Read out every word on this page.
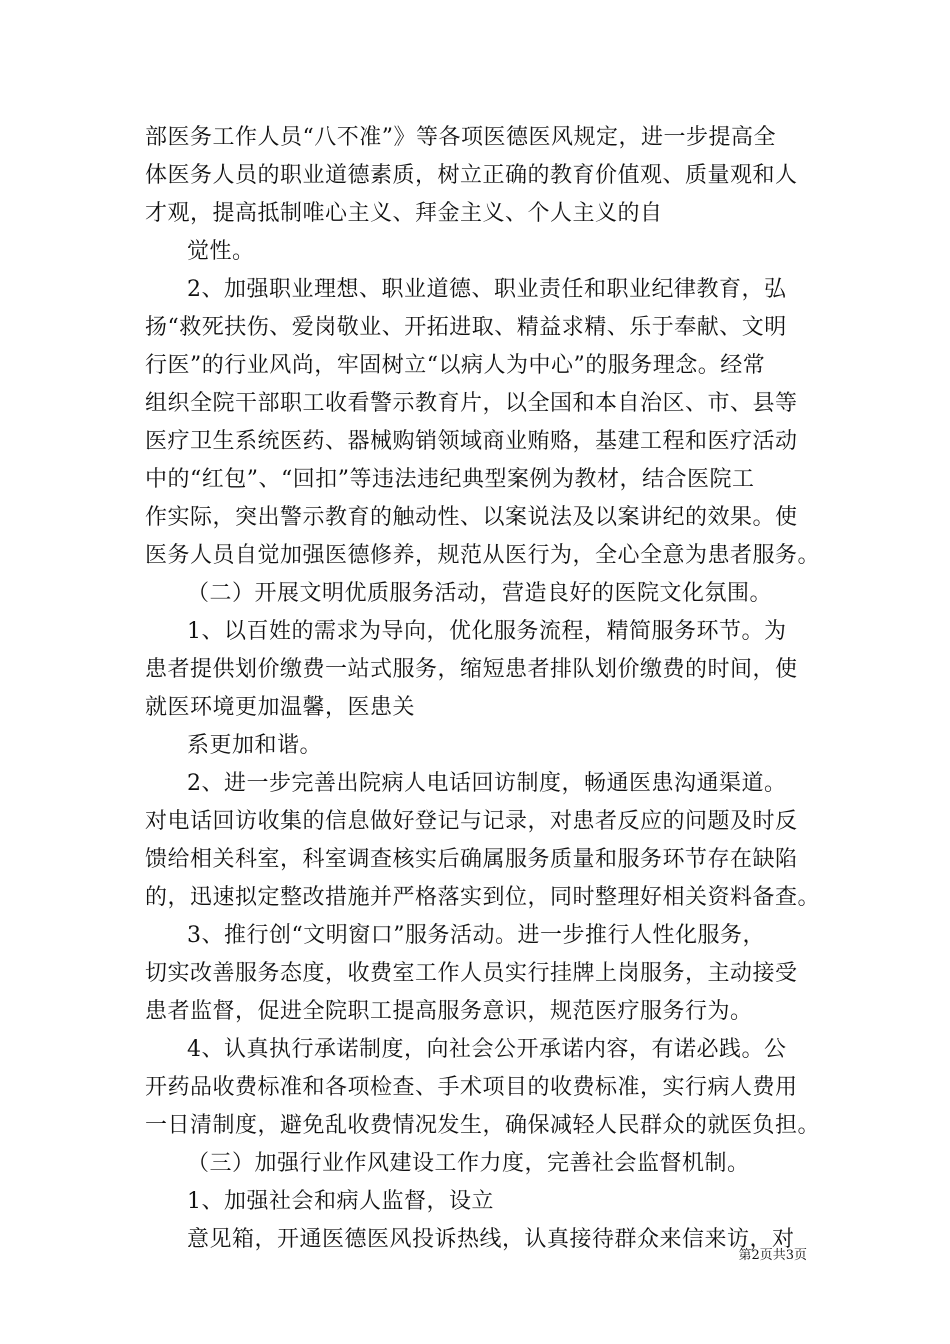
部医务工作人员“八不准”》等各项医德医风规定，进一步提高全
体医务人员的职业道德素质，树立正确的教育价值观、质量观和人
才观，提高抵制唯心主义、拜金主义、个人主义的自
觉性。
2、加强职业理想、职业道德、职业责任和职业纪律教育，弘
扬“救死扶伤、爱岗敬业、开拓进取、精益求精、乐于奉献、文明
行医”的行业风尚，牢固树立“以病人为中心”的服务理念。经常
组织全院干部职工收看警示教育片，以全国和本自治区、市、县等
医疗卫生系统医药、器械购销领域商业贿赂，基建工程和医疗活动
中的“红包”、“回扣”等违法违纪典型案例为教材，结合医院工
作实际，突出警示教育的触动性、以案说法及以案讲纪的效果。使
医务人员自觉加强医德修养，规范从医行为，全心全意为患者服务。
（二）开展文明优质服务活动，营造良好的医院文化氛围。
1、以百姓的需求为导向，优化服务流程，精简服务环节。为
患者提供划价缴费一站式服务，缩短患者排队划价缴费的时间，使
就医环境更加温馨，医患关
系更加和谐。
2、进一步完善出院病人电话回访制度，畅通医患沟通渠道。
对电话回访收集的信息做好登记与记录，对患者反应的问题及时反
馈给相关科室，科室调查核实后确属服务质量和服务环节存在缺陷
的，迅速拟定整改措施并严格落实到位，同时整理好相关资料备查。
3、推行创“文明窗口”服务活动。进一步推行人性化服务，
切实改善服务态度，收费室工作人员实行挂牌上岗服务，主动接受
患者监督，促进全院职工提高服务意识，规范医疗服务行为。
4、认真执行承诺制度，向社会公开承诺内容，有诺必践。公
开药品收费标准和各项检查、手术项目的收费标准，实行病人费用
一日清制度，避免乱收费情况发生，确保减轻人民群众的就医负担。
（三）加强行业作风建设工作力度，完善社会监督机制。
1、加强社会和病人监督，设立
意见箱，开通医德医风投诉热线，认真接待群众来信来访，对
第2页共3页
